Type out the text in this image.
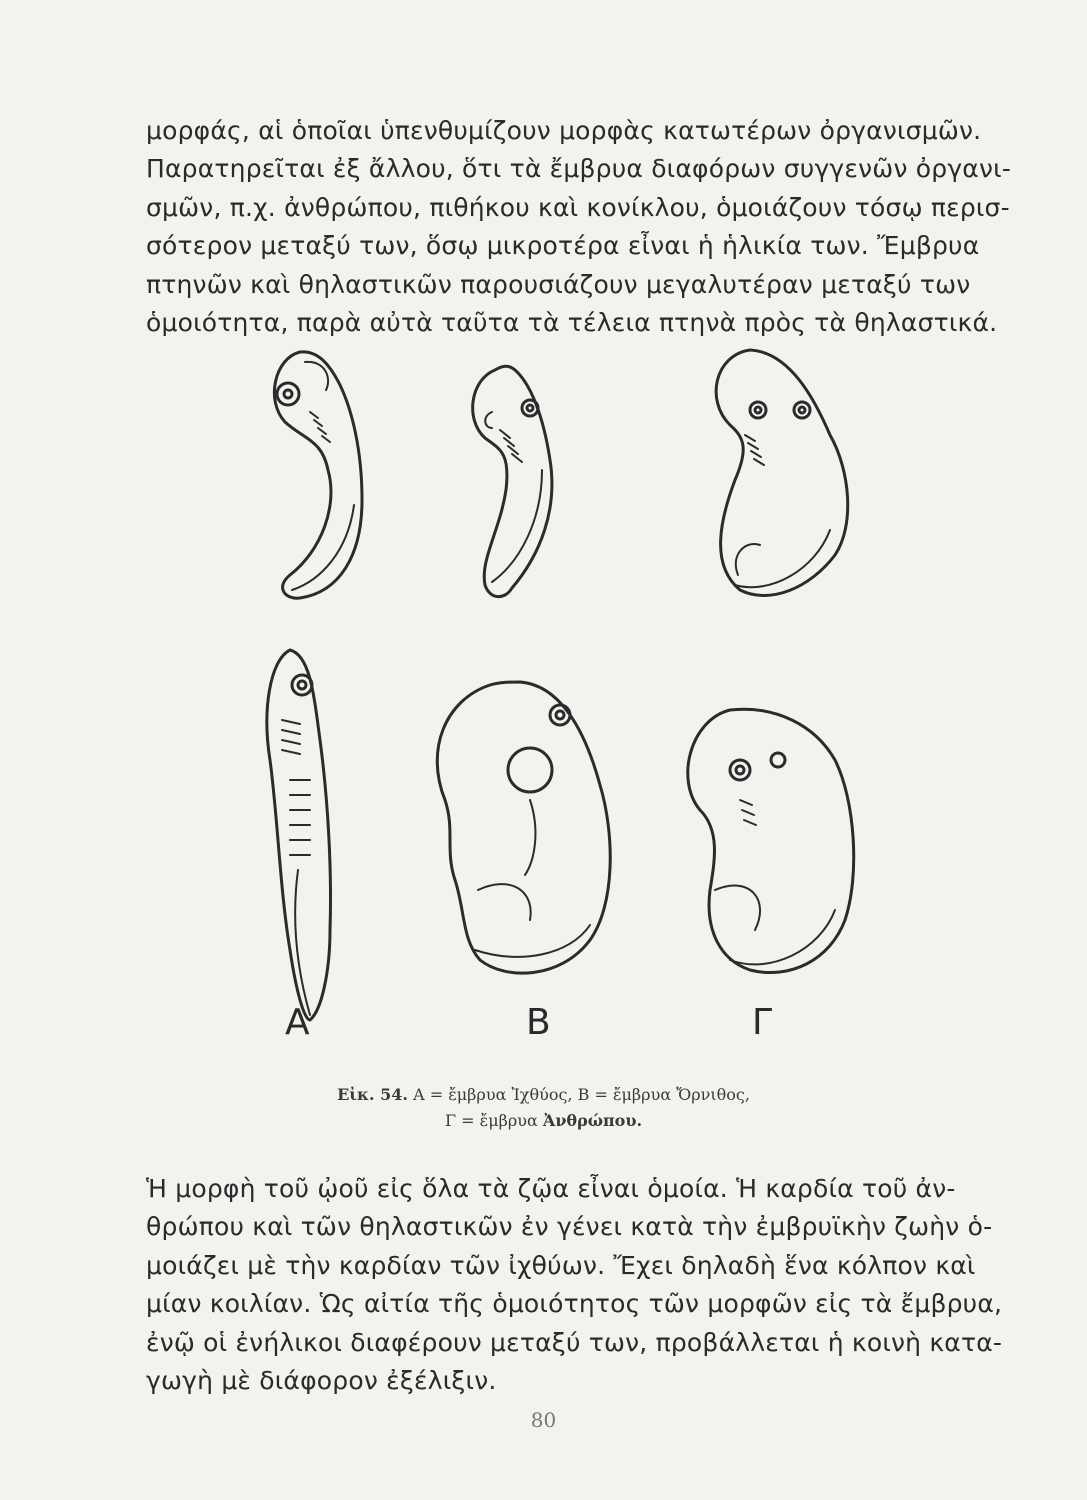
μορφάς, αἱ ὁποῖαι ὑπενθυμίζουν μορφὰς κατωτέρων ὀργανισμῶν.
Παρατηρεῖται ἐξ ἄλλου, ὅτι τὰ ἔμβρυα διαφόρων συγγενῶν ὀργανι-
σμῶν, π.χ. ἀνθρώπου, πιθήκου καὶ κονίκλου, ὁμοιάζουν τόσῳ περισ-
σότερον μεταξύ των, ὅσῳ μικροτέρα εἶναι ἡ ἡλικία των. Ἔμβρυα
πτηνῶν καὶ θηλαστικῶν παρουσιάζουν μεγαλυτέραν μεταξύ των
ὁμοιότητα, παρὰ αὐτὰ ταῦτα τὰ τέλεια πτηνὰ πρὸς τὰ θηλαστικά.
A	B	Γ
Εἰκ. 54. Α = ἔμβρυα Ἰχθύος, Β = ἔμβρυα Ὄρνιθος,
Γ = ἔμβρυα Ἀνθρώπου.
Ἡ μορφὴ τοῦ ᾠοῦ εἰς ὅλα τὰ ζῷα εἶναι ὁμοία. Ἡ καρδία τοῦ ἀν-
θρώπου καὶ τῶν θηλαστικῶν ἐν γένει κατὰ τὴν ἐμβρυϊκὴν ζωὴν ὁ-
μοιάζει μὲ τὴν καρδίαν τῶν ἰχθύων. Ἔχει δηλαδὴ ἕνα κόλπον καὶ
μίαν κοιλίαν. Ὡς αἰτία τῆς ὁμοιότητος τῶν μορφῶν εἰς τὰ ἔμβρυα,
ἐνῷ οἱ ἐνήλικοι διαφέρουν μεταξύ των, προβάλλεται ἡ κοινὴ κατα-
γωγὴ μὲ διάφορον ἐξέλιξιν.
80
